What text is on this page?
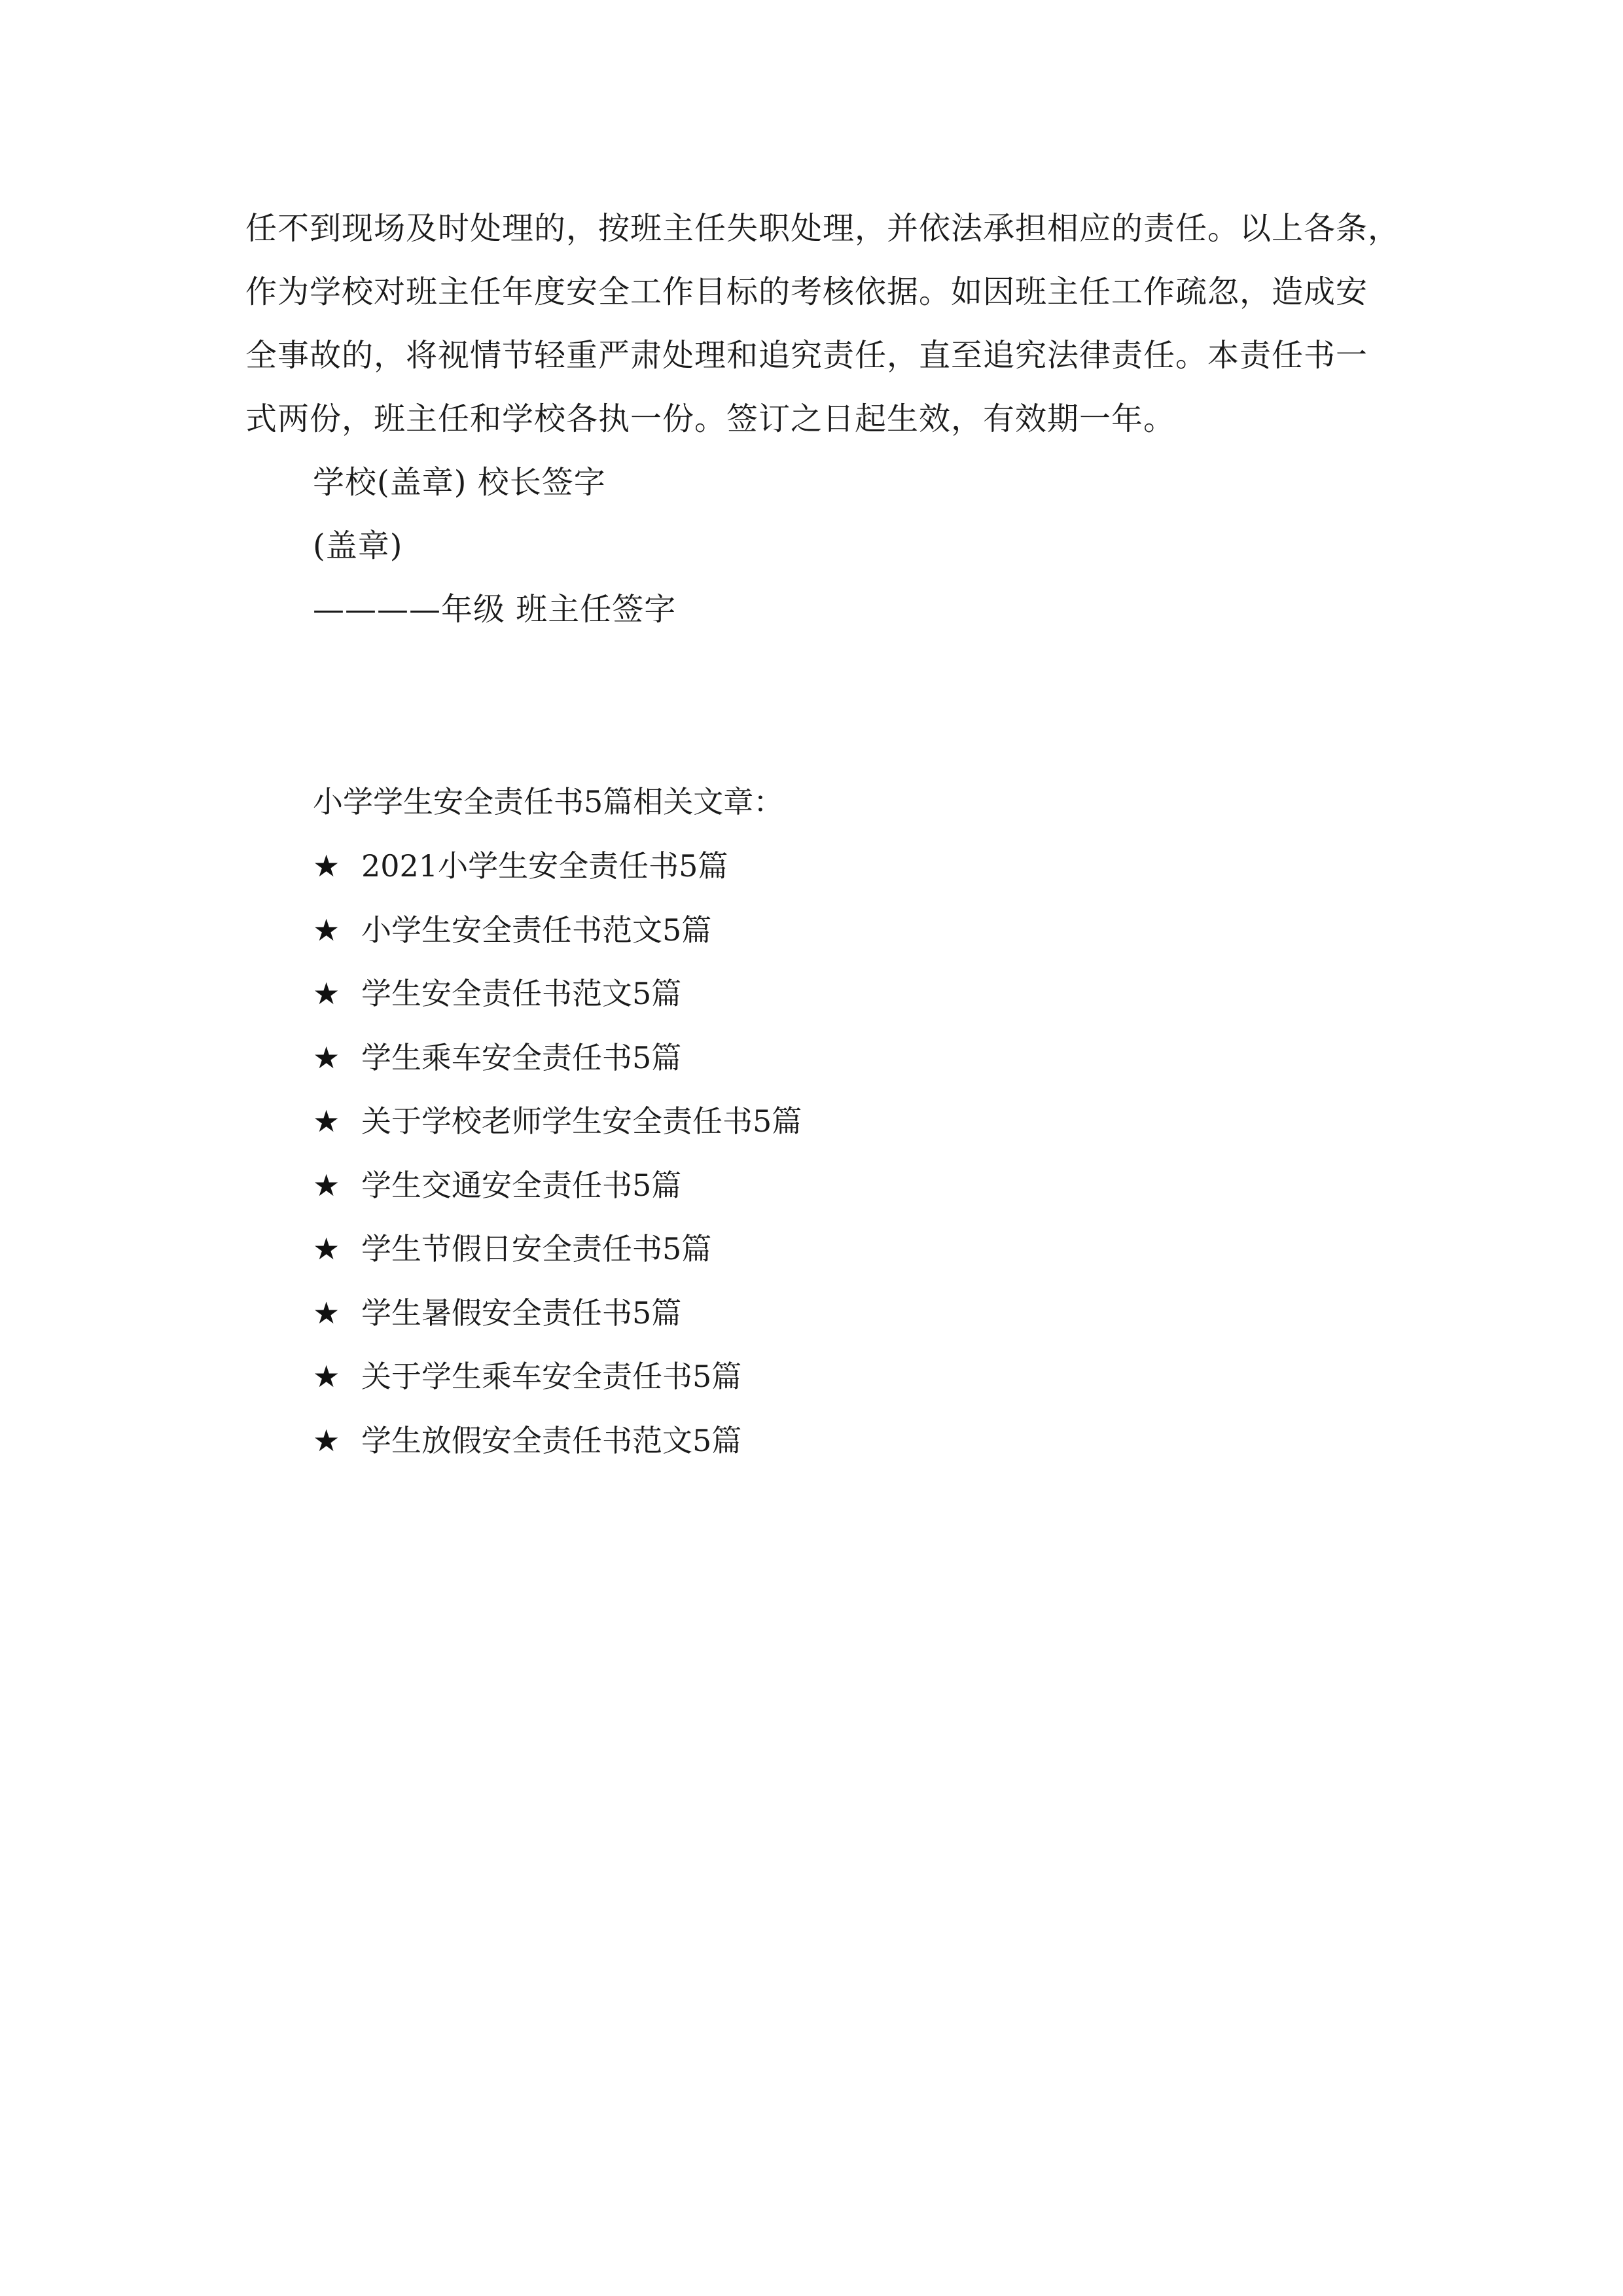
任不到现场及时处理的，按班主任失职处理，并依法承担相应的责任。以上各条，
作为学校对班主任年度安全工作目标的考核依据。如因班主任工作疏忽，造成安
全事故的，将视情节轻重严肃处理和追究责任，直至追究法律责任。本责任书一
式两份，班主任和学校各执一份。签订之日起生效，有效期一年。
学校(盖章) 校长签字
(盖章)
————年级 班主任签字
小学学生安全责任书5篇相关文章：
★ 2021小学生安全责任书5篇
★ 小学生安全责任书范文5篇
★ 学生安全责任书范文5篇
★ 学生乘车安全责任书5篇
★ 关于学校老师学生安全责任书5篇
★ 学生交通安全责任书5篇
★ 学生节假日安全责任书5篇
★ 学生暑假安全责任书5篇
★ 关于学生乘车安全责任书5篇
★ 学生放假安全责任书范文5篇
